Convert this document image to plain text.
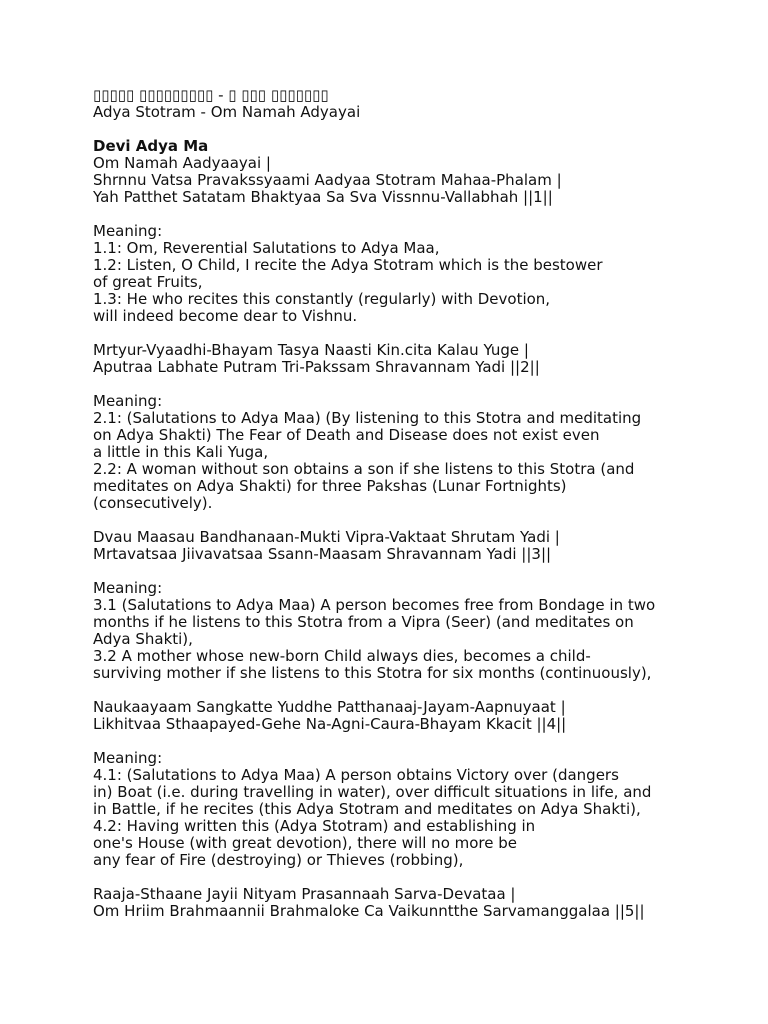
▯▯▯▯▯ ▯▯▯▯▯▯▯▯▯ - ▯ ▯▯▯ ▯▯▯▯▯▯▯
Adya Stotram - Om Namah Adyayai
Devi Adya Ma
Om Namah Aadyaayai |
Shrnnu Vatsa Pravakssyaami Aadyaa Stotram Mahaa-Phalam |
Yah Patthet Satatam Bhaktyaa Sa Sva Vissnnu-Vallabhah ||1||
Meaning:
1.1: Om, Reverential Salutations to Adya Maa,
1.2: Listen, O Child, I recite the Adya Stotram which is the bestower
of great Fruits,
1.3: He who recites this constantly (regularly) with Devotion,
will indeed become dear to Vishnu.
Mrtyur-Vyaadhi-Bhayam Tasya Naasti Kin.cita Kalau Yuge |
Aputraa Labhate Putram Tri-Pakssam Shravannam Yadi ||2||
Meaning:
2.1: (Salutations to Adya Maa) (By listening to this Stotra and meditating
on Adya Shakti) The Fear of Death and Disease does not exist even
a little in this Kali Yuga,
2.2: A woman without son obtains a son if she listens to this Stotra (and
meditates on Adya Shakti) for three Pakshas (Lunar Fortnights)
(consecutively).
Dvau Maasau Bandhanaan-Mukti Vipra-Vaktaat Shrutam Yadi |
Mrtavatsaa Jiivavatsaa Ssann-Maasam Shravannam Yadi ||3||
Meaning:
3.1 (Salutations to Adya Maa) A person becomes free from Bondage in two
months if he listens to this Stotra from a Vipra (Seer) (and meditates on
Adya Shakti),
3.2 A mother whose new-born Child always dies, becomes a child-
surviving mother if she listens to this Stotra for six months (continuously),
Naukaayaam Sangkatte Yuddhe Patthanaaj-Jayam-Aapnuyaat |
Likhitvaa Sthaapayed-Gehe Na-Agni-Caura-Bhayam Kkacit ||4||
Meaning:
4.1: (Salutations to Adya Maa) A person obtains Victory over (dangers
in) Boat (i.e. during travelling in water), over difficult situations in life, and
in Battle, if he recites (this Adya Stotram and meditates on Adya Shakti),
4.2: Having written this (Adya Stotram) and establishing in
one's House (with great devotion), there will no more be
any fear of Fire (destroying) or Thieves (robbing),
Raaja-Sthaane Jayii Nityam Prasannaah Sarva-Devataa |
Om Hriim Brahmaannii Brahmaloke Ca Vaikunntthe Sarvamanggalaa ||5||
